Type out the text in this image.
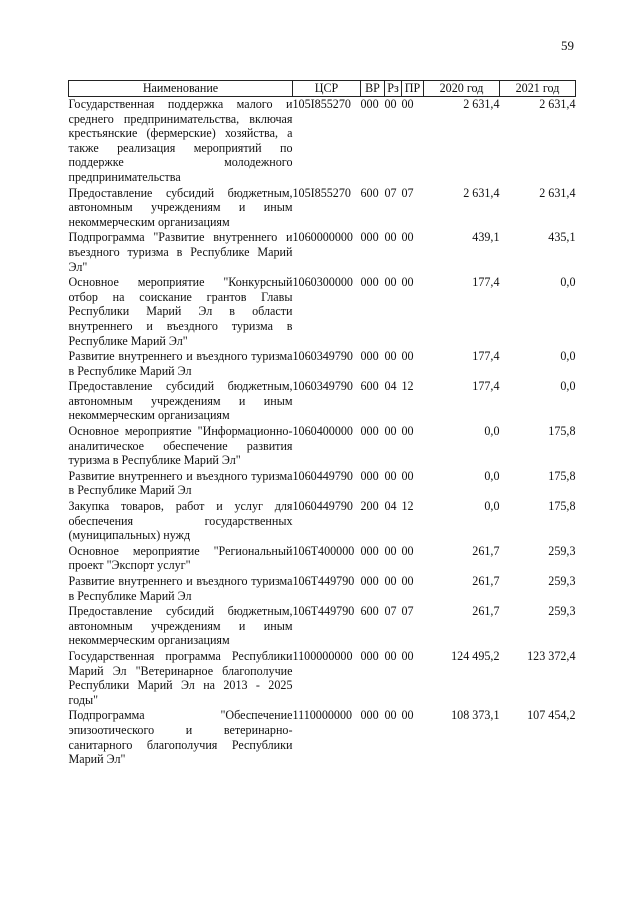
59
Наименование	ЦСР	ВР	Рз	ПР	2020 год	2021 год
Государственная поддержка малого и среднего предпринимательства, включая крестьянские (фермерские) хозяйства, а также реализация мероприятий по поддержке молодежного предпринимательства	105I855270	000	00	00	2 631,4	2 631,4
Предоставление субсидий бюджетным, автономным учреждениям и иным некоммерческим организациям	105I855270	600	07	07	2 631,4	2 631,4
Подпрограмма "Развитие внутреннего и въездного туризма в Республике Марий Эл"	1060000000	000	00	00	439,1	435,1
Основное мероприятие "Конкурсный отбор на соискание грантов Главы Республики Марий Эл в области внутреннего и въездного туризма в Республике Марий Эл"	1060300000	000	00	00	177,4	0,0
Развитие внутреннего и въездного туризма в Республике Марий Эл	1060349790	000	00	00	177,4	0,0
Предоставление субсидий бюджетным, автономным учреждениям и иным некоммерческим организациям	1060349790	600	04	12	177,4	0,0
Основное мероприятие "Информационно-аналитическое обеспечение развития туризма в Республике Марий Эл"	1060400000	000	00	00	0,0	175,8
Развитие внутреннего и въездного туризма в Республике Марий Эл	1060449790	000	00	00	0,0	175,8
Закупка товаров, работ и услуг для обеспечения государственных (муниципальных) нужд	1060449790	200	04	12	0,0	175,8
Основное мероприятие "Региональный проект "Экспорт услуг"	106T400000	000	00	00	261,7	259,3
Развитие внутреннего и въездного туризма в Республике Марий Эл	106T449790	000	00	00	261,7	259,3
Предоставление субсидий бюджетным, автономным учреждениям и иным некоммерческим организациям	106T449790	600	07	07	261,7	259,3
Государственная программа Республики Марий Эл "Ветеринарное благополучие Республики Марий Эл на 2013 - 2025 годы"	1100000000	000	00	00	124 495,2	123 372,4
Подпрограмма "Обеспечение эпизоотического и ветеринарно-санитарного благополучия Республики Марий Эл"	1110000000	000	00	00	108 373,1	107 454,2
